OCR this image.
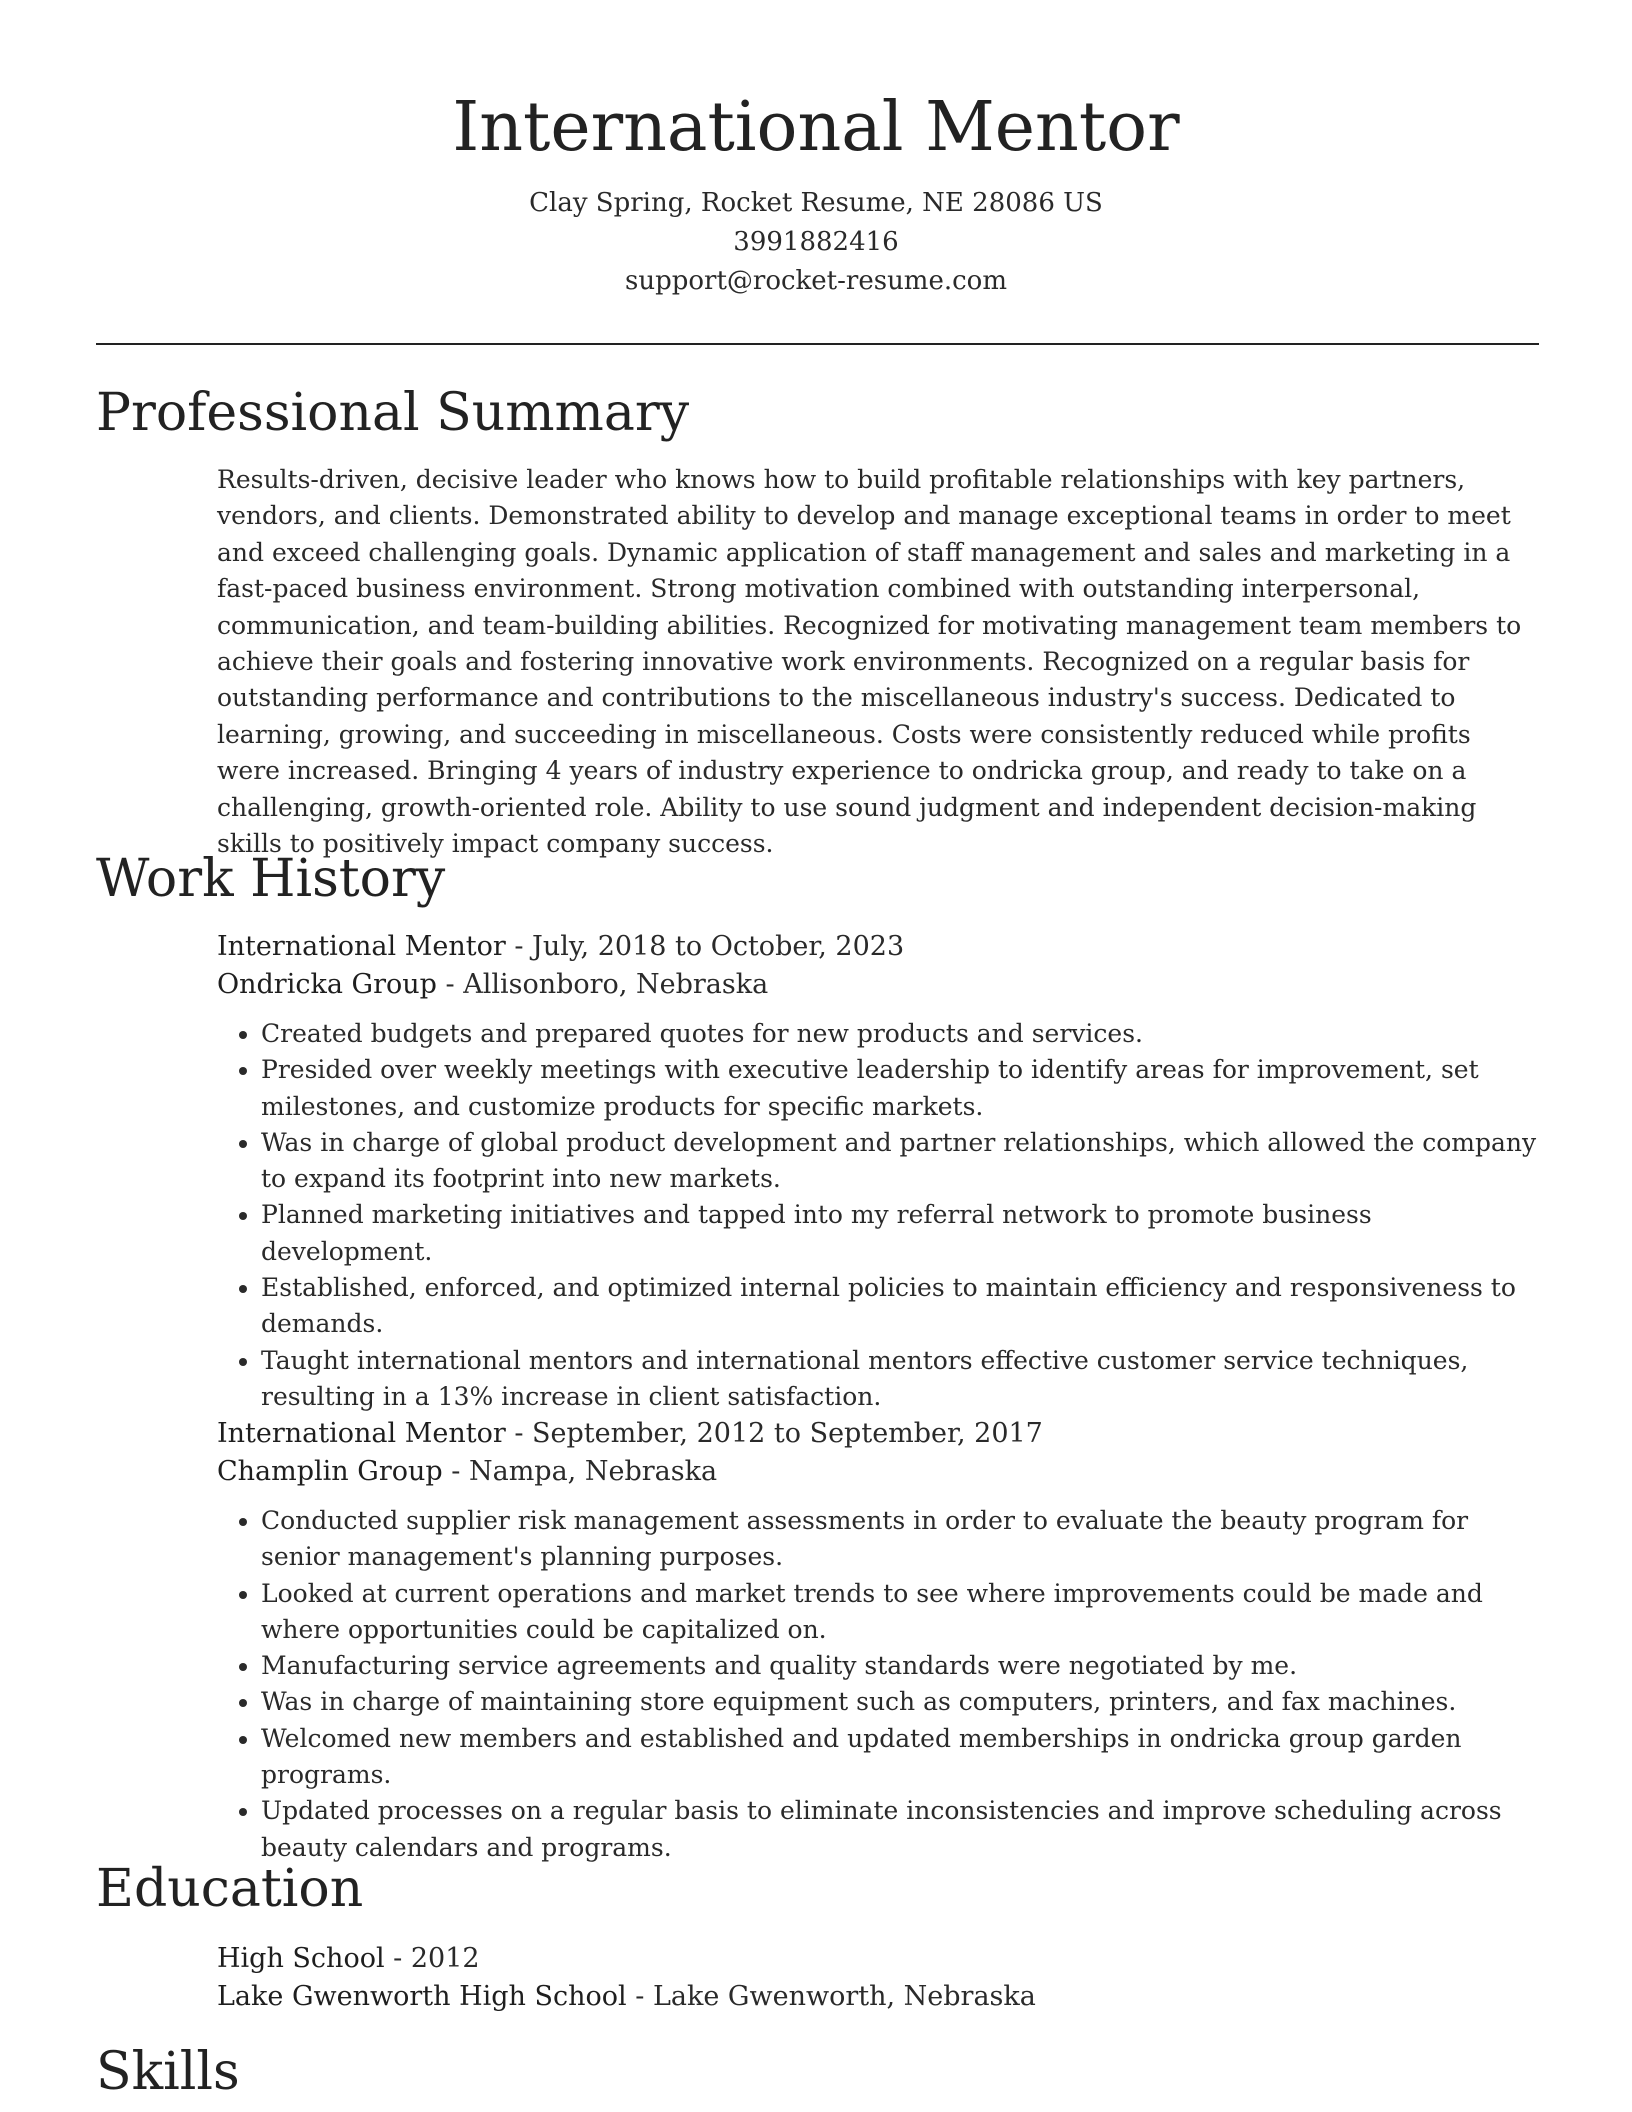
International Mentor
Clay Spring, Rocket Resume, NE 28086 US
3991882416
support@rocket-resume.com
Professional Summary
Results-driven, decisive leader who knows how to build profitable relationships with key partners, vendors, and clients. Demonstrated ability to develop and manage exceptional teams in order to meet and exceed challenging goals. Dynamic application of staff management and sales and marketing in a fast-paced business environment. Strong motivation combined with outstanding interpersonal, communication, and team-building abilities. Recognized for motivating management team members to achieve their goals and fostering innovative work environments. Recognized on a regular basis for outstanding performance and contributions to the miscellaneous industry's success. Dedicated to learning, growing, and succeeding in miscellaneous. Costs were consistently reduced while profits were increased. Bringing 4 years of industry experience to ondricka group, and ready to take on a challenging, growth-oriented role. Ability to use sound judgment and independent decision-making skills to positively impact company success.
Work History
International Mentor - July, 2018 to October, 2023
Ondricka Group - Allisonboro, Nebraska
• Created budgets and prepared quotes for new products and services.
• Presided over weekly meetings with executive leadership to identify areas for improvement, set milestones, and customize products for specific markets.
• Was in charge of global product development and partner relationships, which allowed the company to expand its footprint into new markets.
• Planned marketing initiatives and tapped into my referral network to promote business development.
• Established, enforced, and optimized internal policies to maintain efficiency and responsiveness to demands.
• Taught international mentors and international mentors effective customer service techniques, resulting in a 13% increase in client satisfaction.
International Mentor - September, 2012 to September, 2017
Champlin Group - Nampa, Nebraska
• Conducted supplier risk management assessments in order to evaluate the beauty program for senior management's planning purposes.
• Looked at current operations and market trends to see where improvements could be made and where opportunities could be capitalized on.
• Manufacturing service agreements and quality standards were negotiated by me.
• Was in charge of maintaining store equipment such as computers, printers, and fax machines.
• Welcomed new members and established and updated memberships in ondricka group garden programs.
• Updated processes on a regular basis to eliminate inconsistencies and improve scheduling across beauty calendars and programs.
Education
High School - 2012
Lake Gwenworth High School - Lake Gwenworth, Nebraska
Skills
